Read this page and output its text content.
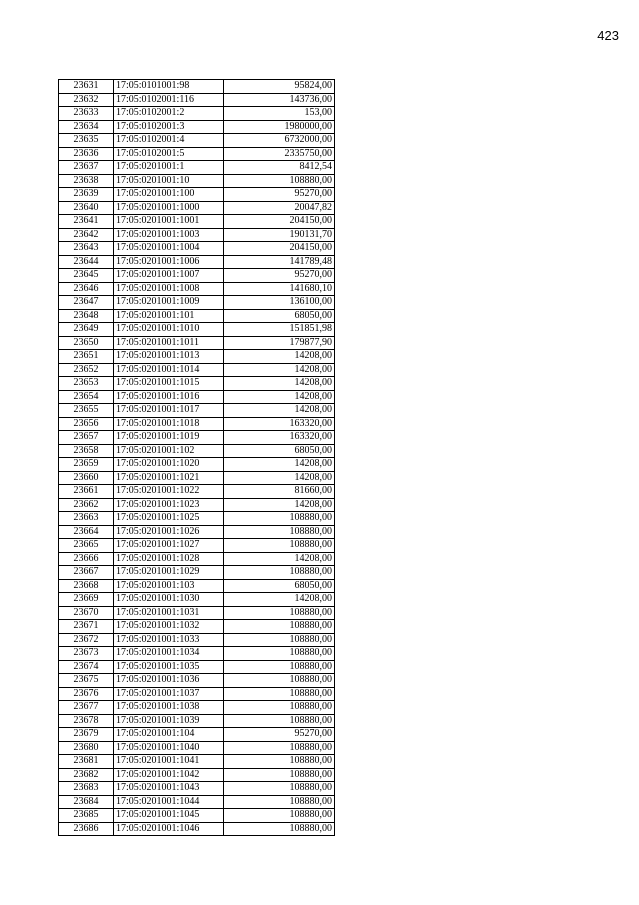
423
23631	17:05:0101001:98	95824,00
23632	17:05:0102001:116	143736,00
23633	17:05:0102001:2	153,00
23634	17:05:0102001:3	1980000,00
23635	17:05:0102001:4	6732000,00
23636	17:05:0102001:5	2335750,00
23637	17:05:0201001:1	8412,54
23638	17:05:0201001:10	108880,00
23639	17:05:0201001:100	95270,00
23640	17:05:0201001:1000	20047,82
23641	17:05:0201001:1001	204150,00
23642	17:05:0201001:1003	190131,70
23643	17:05:0201001:1004	204150,00
23644	17:05:0201001:1006	141789,48
23645	17:05:0201001:1007	95270,00
23646	17:05:0201001:1008	141680,10
23647	17:05:0201001:1009	136100,00
23648	17:05:0201001:101	68050,00
23649	17:05:0201001:1010	151851,98
23650	17:05:0201001:1011	179877,90
23651	17:05:0201001:1013	14208,00
23652	17:05:0201001:1014	14208,00
23653	17:05:0201001:1015	14208,00
23654	17:05:0201001:1016	14208,00
23655	17:05:0201001:1017	14208,00
23656	17:05:0201001:1018	163320,00
23657	17:05:0201001:1019	163320,00
23658	17:05:0201001:102	68050,00
23659	17:05:0201001:1020	14208,00
23660	17:05:0201001:1021	14208,00
23661	17:05:0201001:1022	81660,00
23662	17:05:0201001:1023	14208,00
23663	17:05:0201001:1025	108880,00
23664	17:05:0201001:1026	108880,00
23665	17:05:0201001:1027	108880,00
23666	17:05:0201001:1028	14208,00
23667	17:05:0201001:1029	108880,00
23668	17:05:0201001:103	68050,00
23669	17:05:0201001:1030	14208,00
23670	17:05:0201001:1031	108880,00
23671	17:05:0201001:1032	108880,00
23672	17:05:0201001:1033	108880,00
23673	17:05:0201001:1034	108880,00
23674	17:05:0201001:1035	108880,00
23675	17:05:0201001:1036	108880,00
23676	17:05:0201001:1037	108880,00
23677	17:05:0201001:1038	108880,00
23678	17:05:0201001:1039	108880,00
23679	17:05:0201001:104	95270,00
23680	17:05:0201001:1040	108880,00
23681	17:05:0201001:1041	108880,00
23682	17:05:0201001:1042	108880,00
23683	17:05:0201001:1043	108880,00
23684	17:05:0201001:1044	108880,00
23685	17:05:0201001:1045	108880,00
23686	17:05:0201001:1046	108880,00
